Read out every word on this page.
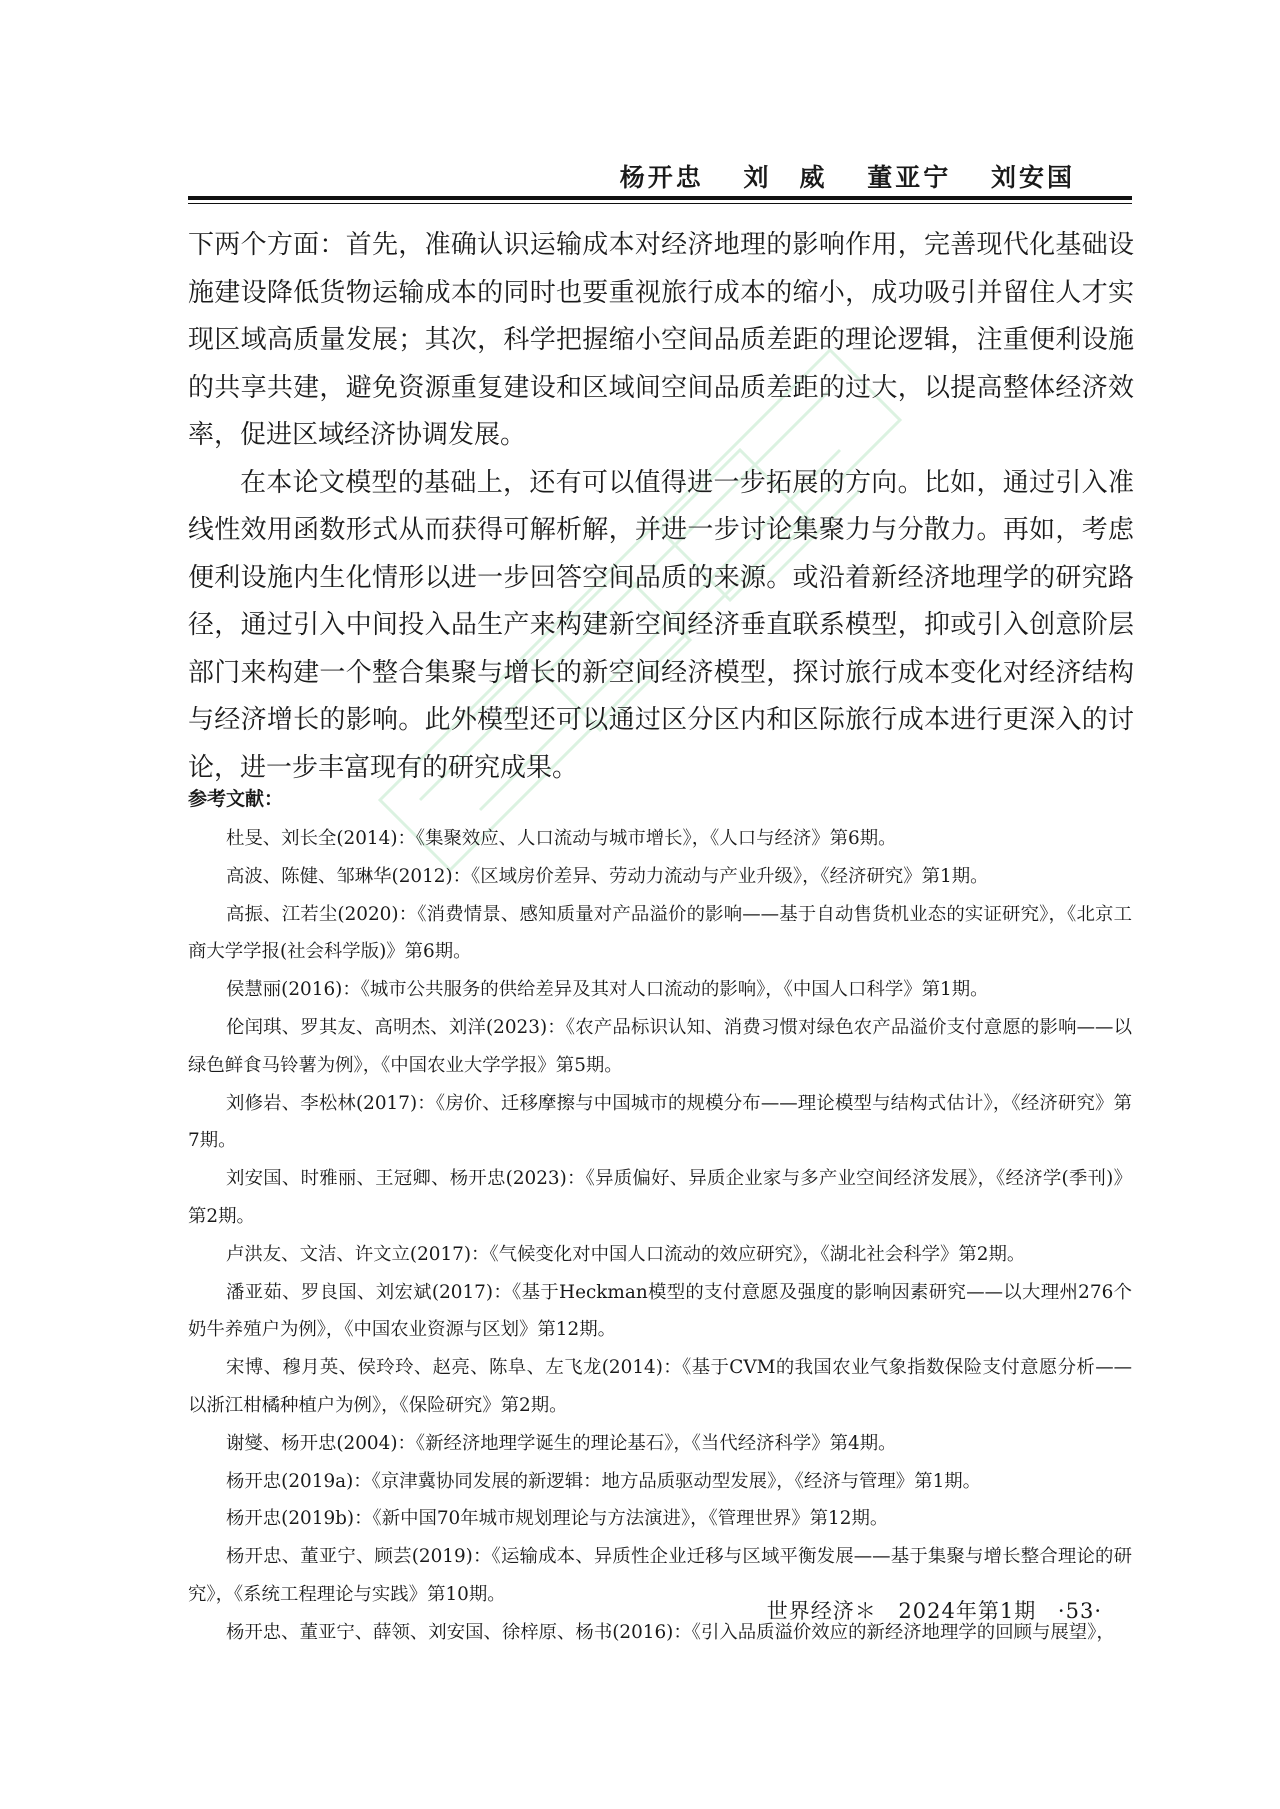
杨开忠 刘　威 董亚宁 刘安国

下两个方面：首先，准确认识运输成本对经济地理的影响作用，完善现代化基础设施建设降低货物运输成本的同时也要重视旅行成本的缩小，成功吸引并留住人才实现区域高质量发展；其次，科学把握缩小空间品质差距的理论逻辑，注重便利设施的共享共建，避免资源重复建设和区域间空间品质差距的过大，以提高整体经济效率，促进区域经济协调发展。

在本论文模型的基础上，还有可以值得进一步拓展的方向。比如，通过引入准线性效用函数形式从而获得可解析解，并进一步讨论集聚力与分散力。再如，考虑便利设施内生化情形以进一步回答空间品质的来源。或沿着新经济地理学的研究路径，通过引入中间投入品生产来构建新空间经济垂直联系模型，抑或引入创意阶层部门来构建一个整合集聚与增长的新空间经济模型，探讨旅行成本变化对经济结构与经济增长的影响。此外模型还可以通过区分区内和区际旅行成本进行更深入的讨论，进一步丰富现有的研究成果。

参考文献：

杜旻、刘长全(2014)：《集聚效应、人口流动与城市增长》，《人口与经济》第6期。

高波、陈健、邹琳华(2012)：《区域房价差异、劳动力流动与产业升级》，《经济研究》第1期。

高振、江若尘(2020)：《消费情景、感知质量对产品溢价的影响——基于自动售货机业态的实证研究》，《北京工商大学学报(社会科学版)》第6期。

侯慧丽(2016)：《城市公共服务的供给差异及其对人口流动的影响》，《中国人口科学》第1期。

伦闰琪、罗其友、高明杰、刘洋(2023)：《农产品标识认知、消费习惯对绿色农产品溢价支付意愿的影响——以绿色鲜食马铃薯为例》，《中国农业大学学报》第5期。

刘修岩、李松林(2017)：《房价、迁移摩擦与中国城市的规模分布——理论模型与结构式估计》，《经济研究》第7期。

刘安国、时雅丽、王冠卿、杨开忠(2023)：《异质偏好、异质企业家与多产业空间经济发展》，《经济学(季刊)》第2期。

卢洪友、文洁、许文立(2017)：《气候变化对中国人口流动的效应研究》，《湖北社会科学》第2期。

潘亚茹、罗良国、刘宏斌(2017)：《基于Heckman模型的支付意愿及强度的影响因素研究——以大理州276个奶牛养殖户为例》，《中国农业资源与区划》第12期。

宋博、穆月英、侯玲玲、赵亮、陈阜、左飞龙(2014)：《基于CVM的我国农业气象指数保险支付意愿分析——以浙江柑橘种植户为例》，《保险研究》第2期。

谢燮、杨开忠(2004)：《新经济地理学诞生的理论基石》，《当代经济科学》第4期。

杨开忠(2019a)：《京津冀协同发展的新逻辑：地方品质驱动型发展》，《经济与管理》第1期。

杨开忠(2019b)：《新中国70年城市规划理论与方法演进》，《管理世界》第12期。

杨开忠、董亚宁、顾芸(2019)：《运输成本、异质性企业迁移与区域平衡发展——基于集聚与增长整合理论的研究》，《系统工程理论与实践》第10期。

杨开忠、董亚宁、薛领、刘安国、徐梓原、杨书(2016)：《引入品质溢价效应的新经济地理学的回顾与展望》，

世界经济＊ 2024年第1期 ·53·
